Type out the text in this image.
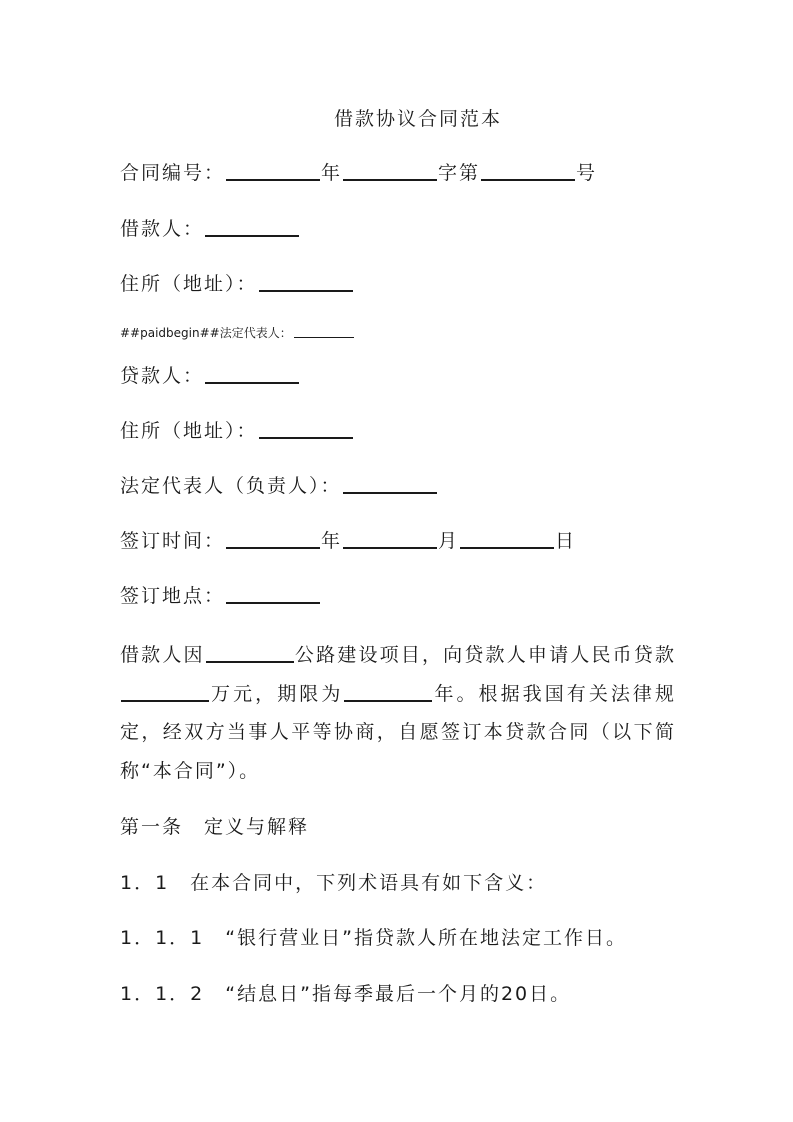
借款协议合同范本
合同编号：	年	字第	号
借款人：
住所（地址）：
##paidbegin##法定代表人：
贷款人：
住所（地址）：
法定代表人（负责人）：
签订时间：	年	月	日
签订地点：
借款人因	公路建设项目，向贷款人申请人民币贷款万元，期限为	年。根据我国有关法律规定，经双方当事人平等协商，自愿签订本贷款合同（以下简称“本合同”）。
第一条　定义与解释
1．1　在本合同中，下列术语具有如下含义：
1．1．1　“银行营业日”指贷款人所在地法定工作日。
1．1．2　“结息日”指每季最后一个月的20日。
